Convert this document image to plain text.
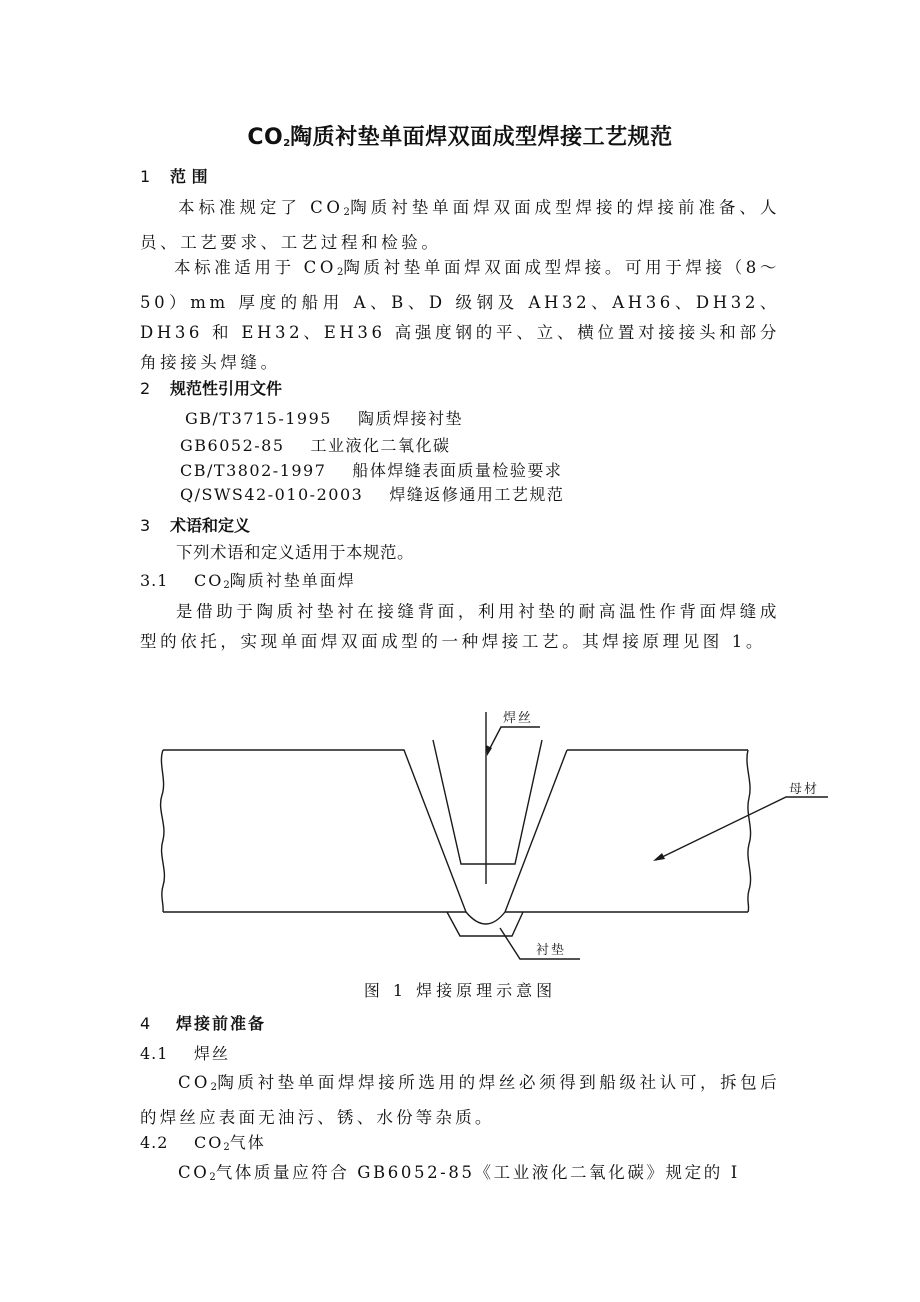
$CO_2$陶质衬垫单面焊双面成型焊接工艺规范
1 范 围
本标准规定了 $CO_2$陶质衬垫单面焊双面成型焊接的焊接前准备、人员、工艺要求、工艺过程和检验。
本标准适用于 $CO_2$陶质衬垫单面焊双面成型焊接。可用于焊接（8～50）mm 厚度的船用 A、B、D 级钢及 AH32、AH36、DH32、DH36 和 EH32、EH36 高强度钢的平、立、横位置对接接头和部分角接接头焊缝。
2 规范性引用文件
GB/T3715-1995 陶质焊接衬垫
GB6052-85 工业液化二氧化碳
CB/T3802-1997 船体焊缝表面质量检验要求
Q/SWS42-010-2003 焊缝返修通用工艺规范
3 术语和定义
下列术语和定义适用于本规范。
3.1 $CO_2$陶质衬垫单面焊
是借助于陶质衬垫衬在接缝背面，利用衬垫的耐高温性作背面焊缝成型的依托，实现单面焊双面成型的一种焊接工艺。其焊接原理见图 1。
焊丝
母材
衬垫
图 1 焊接原理示意图
4 焊接前准备
4.1 焊丝
$CO_2$陶质衬垫单面焊焊接所选用的焊丝必须得到船级社认可，拆包后的焊丝应表面无油污、锈、水份等杂质。
4.2 $CO_2$气体
$CO_2$气体质量应符合 GB6052-85《工业液化二氧化碳》规定的 I
